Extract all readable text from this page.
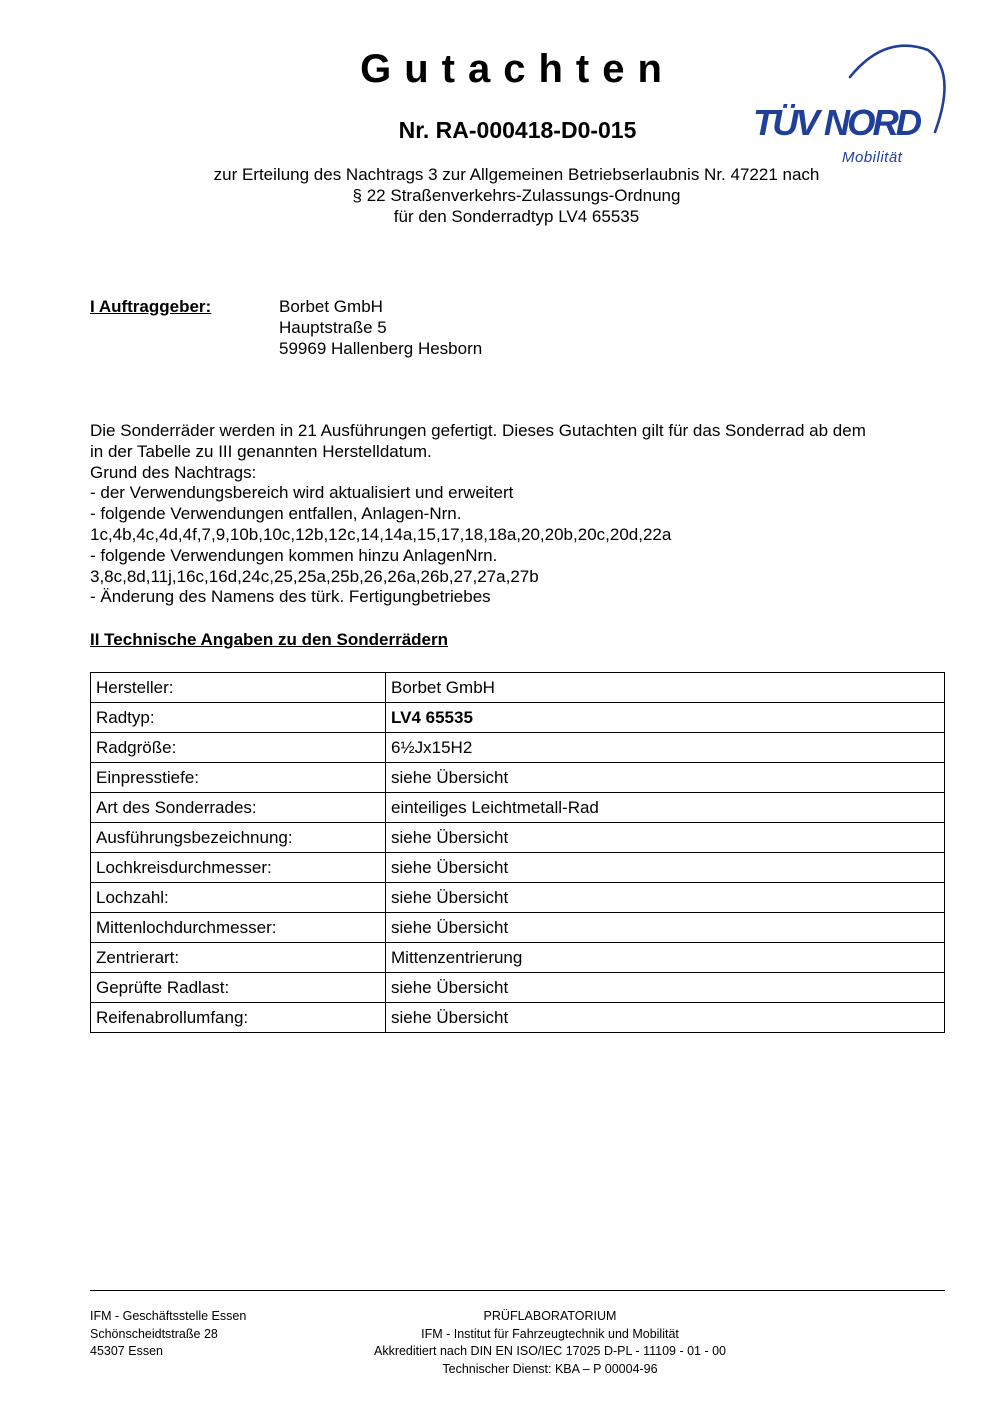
Gutachten
Nr. RA-000418-D0-015	TÜV NORD
Mobilität
zur Erteilung des Nachtrags 3 zur Allgemeinen Betriebserlaubnis Nr. 47221 nach
§ 22 Straßenverkehrs-Zulassungs-Ordnung
für den Sonderradtyp LV4 65535
I Auftraggeber:	Borbet GmbH
Hauptstraße 5
59969 Hallenberg Hesborn
Die Sonderräder werden in 21 Ausführungen gefertigt. Dieses Gutachten gilt für das Sonderrad ab dem
in der Tabelle zu III genannten Herstelldatum.
Grund des Nachtrags:
- der Verwendungsbereich wird aktualisiert und erweitert
- folgende Verwendungen entfallen, Anlagen-Nrn.
1c,4b,4c,4d,4f,7,9,10b,10c,12b,12c,14,14a,15,17,18,18a,20,20b,20c,20d,22a
- folgende Verwendungen kommen hinzu AnlagenNrn.
3,8c,8d,11j,16c,16d,24c,25,25a,25b,26,26a,26b,27,27a,27b
- Änderung des Namens des türk. Fertigungbetriebes
II Technische Angaben zu den Sonderrädern
Hersteller:	Borbet GmbH
Radtyp:	LV4 65535
Radgröße:	6½Jx15H2
Einpresstiefe:	siehe Übersicht
Art des Sonderrades:	einteiliges Leichtmetall-Rad
Ausführungsbezeichnung:	siehe Übersicht
Lochkreisdurchmesser:	siehe Übersicht
Lochzahl:	siehe Übersicht
Mittenlochdurchmesser:	siehe Übersicht
Zentrierart:	Mittenzentrierung
Geprüfte Radlast:	siehe Übersicht
Reifenabrollumfang:	siehe Übersicht
IFM - Geschäftsstelle Essen
Schönscheidtstraße 28
45307 Essen
PRÜFLABORATORIUM
IFM - Institut für Fahrzeugtechnik und Mobilität
Akkreditiert nach DIN EN ISO/IEC 17025 D-PL - 11109 - 01 - 00
Technischer Dienst: KBA – P 00004-96
